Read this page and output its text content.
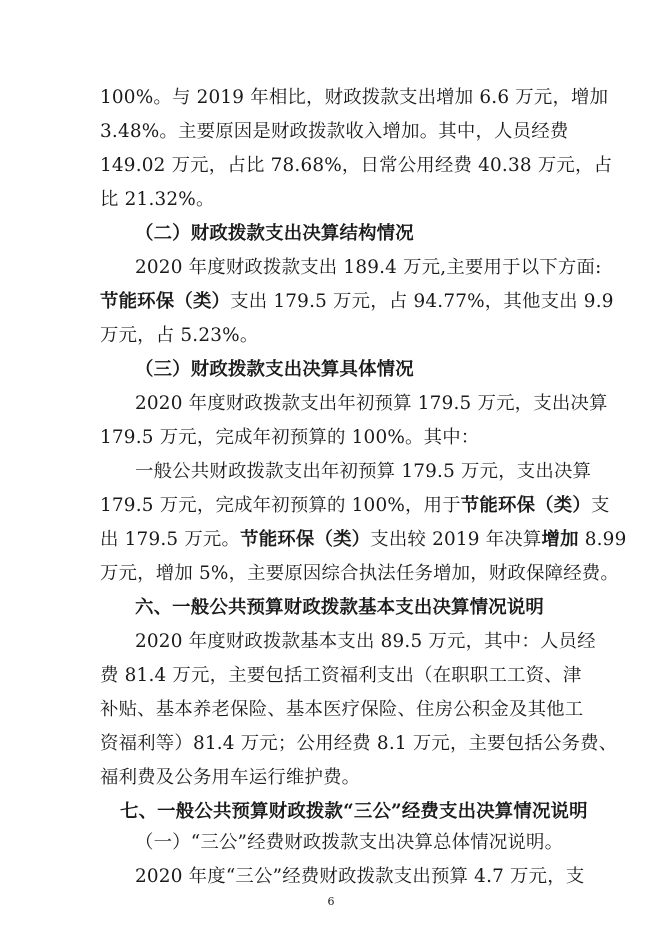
100%。与 2019 年相比，财政拨款支出增加 6.6 万元，增加
3.48%。主要原因是财政拨款收入增加。其中，人员经费
149.02 万元，占比 78.68%，日常公用经费 40.38 万元，占
比 21.32%。
（二）财政拨款支出决算结构情况
2020 年度财政拨款支出 189.4 万元,主要用于以下方面:
节能环保（类）支出 179.5 万元，占 94.77%，其他支出 9.9
万元，占 5.23%。
（三）财政拨款支出决算具体情况
2020 年度财政拨款支出年初预算 179.5 万元，支出决算
179.5 万元，完成年初预算的 100%。其中：
一般公共财政拨款支出年初预算 179.5 万元，支出决算
179.5 万元，完成年初预算的 100%，用于节能环保（类）支
出 179.5 万元。节能环保（类）支出较 2019 年决算增加 8.99
万元，增加 5%，主要原因综合执法任务增加，财政保障经费。
六、一般公共预算财政拨款基本支出决算情况说明
2020 年度财政拨款基本支出 89.5 万元，其中：人员经
费 81.4 万元，主要包括工资福利支出（在职职工工资、津
补贴、基本养老保险、基本医疗保险、住房公积金及其他工
资福利等）81.4 万元；公用经费 8.1 万元，主要包括公务费、
福利费及公务用车运行维护费。
七、一般公共预算财政拨款“三公”经费支出决算情况说明
（一）“三公”经费财政拨款支出决算总体情况说明。
2020 年度“三公”经费财政拨款支出预算 4.7 万元，支
6
